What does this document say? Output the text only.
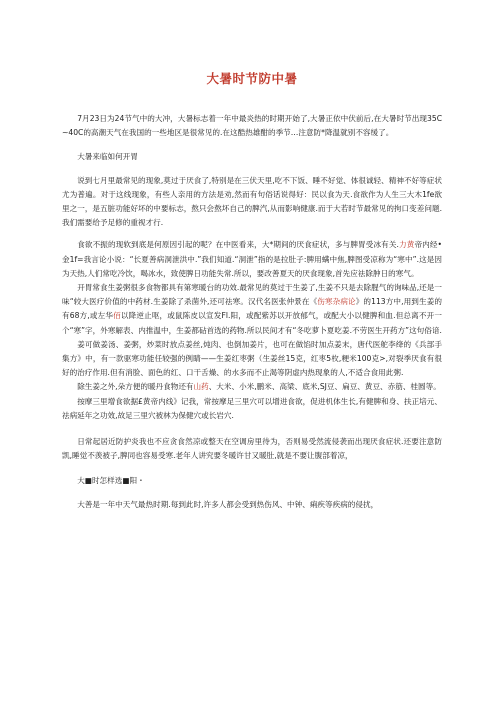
大暑时节防中暑

7月23日为24节气中的大冲，大暑标志着一年中最炎热的时期开始了,大暑正依中伏前后,在大暑时节出现35C~40C的高潮天气在我国的一些地区是很常见的.在这酷热雄酣的季节…注意防*降温就别不容缓了。

大暑来临如何开胃

说到七月里最常见的现象,莫过于厌食了,特别是在三伏天里,吃不下饭、睡不好觉、体很诚轻、精神不好等症状尤为普遍。对于这线现象，有些人亲用的方法是劝,然而有句俗话说得好：民以食为天.食欲作为人生三大木1fe欲里之一，是五脏功能好坏的中要标志，熬只会熬坏自己的脾汽,从而影响健康.而于大若时节最常见的拘口变差问题.我们需要给予足修的重视才行.

食欲不振的现软到底是何原因引起的呢？在中医看来，大*期间的厌食症状，多与脾胃受冰有关.力黄帝内经•金1f=我言论小说：“长夏善病洞泄洪中.”我们知道.“洞泄”指的是拉肚子:脾用螨中焦,脾图受凉称为“寒中”.这是因为天热,人们常吃冷饮，喝冰水，致使脾日功能失常.所以，要改善夏天的厌食现象,首先应祛除肿日的寒气。

开胃常食生姜粥很多食物都具有第寒暖台的功效.最常见的莫过于生姜了,生姜不只是去除腥气的询味品,还是一味“较大医疗价值的中药材.生姜除了杀菌外,还可祛寒。汉代名医张仲景在《伤寒杂病论》的113方中,用到生姜的有68方,或左华佰以降逆止呕，或鼠陈皮以宣发Fl.阳，或配紫苏以开放郁气，或配大小以健脾和血.但总离不开一个“寒”字，外寒解表、内推温中，生姜都砧首选的药物.所以民间才有“冬吃萝卜夏吃姜.不劳医生开药方”这句俗谙.

姜可做姜汤、姜粥，炒菜时放点姜丝,炖肉、也倒加姜片，也可在做馅时加点姜末，唐代医舵李绛的《兵部手集方》中，有一款驱寒功能任较强的例睛——生姜红枣粥（生姜丝15克，红枣5枚,粳米100克>,对裂季厌食有很好的治疗作用.但有消脸、面色的红、口干舌燥、的水多而不止渴等阴虚内热现象的人,不适合食用此粥.

除生姜之外,朵方便的暖丹食物还有山药、大米、小米,鹏米、高梁、底米,SJ豆、扁豆、黄豆、赤筋、桂圆等。

按摩三里增食欲据£黄帝内线》记我，常按摩足三里穴可以增进食欲，促进机体生长,有健脾和身、扶正培元、祛病延年之功效,故足三里穴被林为保健穴或长岩穴.

日常起居近防护炎我也不应贪食然凉或整天在空调房里待为，否则易受然流侵袭而出现厌食症状.还要注意防凯,睡觉不羡被子,脾同也容易受寒.老年人讲究要冬暖许甘又暖肚,就是不要让腹部着凉，

大■时怎样选■阳・

大善是一年中天气最热时期.每到此时,许多人都会受到热伤风、中钟、痢疾等疾病的侵扰，
